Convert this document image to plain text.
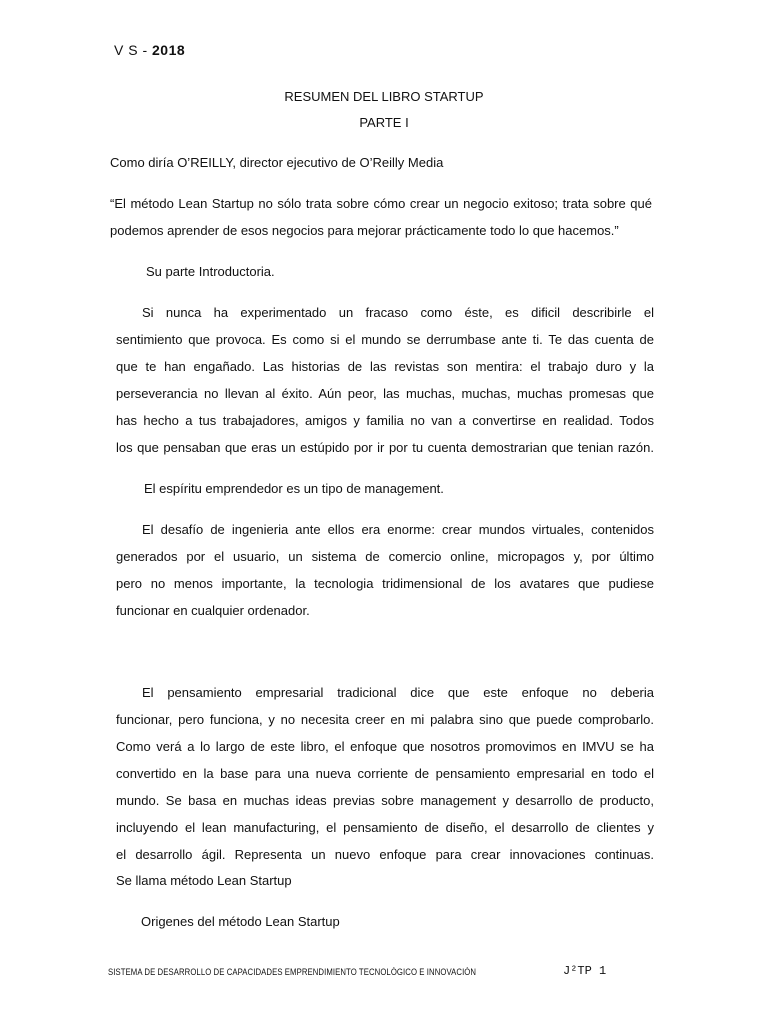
V S - 2018
RESUMEN DEL LIBRO STARTUP
PARTE I
Como diría O’REILLY, director ejecutivo de O’Reilly Media
“El método Lean Startup no sólo trata sobre cómo crear un negocio exitoso; trata sobre qué
podemos aprender de esos negocios para mejorar prácticamente todo lo que hacemos.”
Su parte Introductoria.
Si nunca ha experimentado un fracaso como éste, es dificil describirle el
sentimiento que provoca. Es como si el mundo se derrumbase ante ti. Te das cuenta de
que te han engañado. Las historias de las revistas son mentira: el trabajo duro y la
perseverancia no llevan al éxito. Aún peor, las muchas, muchas, muchas promesas que
has hecho a tus trabajadores, amigos y familia no van a convertirse en realidad. Todos
los que pensaban que eras un estúpido por ir por tu cuenta demostrarian que tenian razón.
El espíritu emprendedor es un tipo de management.
El desafío de ingenieria ante ellos era enorme: crear mundos virtuales, contenidos
generados por el usuario, un sistema de comercio online, micropagos y, por último
pero no menos importante, la tecnologia tridimensional de los avatares que pudiese
funcionar en cualquier ordenador.
El pensamiento empresarial tradicional dice que este enfoque no deberia
funcionar, pero funciona, y no necesita creer en mi palabra sino que puede comprobarlo.
Como verá a lo largo de este libro, el enfoque que nosotros promovimos en IMVU se ha
convertido en la base para una nueva corriente de pensamiento empresarial en todo el
mundo. Se basa en muchas ideas previas sobre management y desarrollo de producto,
incluyendo el lean manufacturing, el pensamiento de diseño, el desarrollo de clientes y
el desarrollo ágil. Representa un nuevo enfoque para crear innovaciones continuas.
Se llama método Lean Startup
Origenes del método Lean Startup
SISTEMA DE DESARROLLO DE CAPACIDADES EMPRENDIMIENTO TECNOLÓGICO E INNOVACIÓN	J²TP 1
